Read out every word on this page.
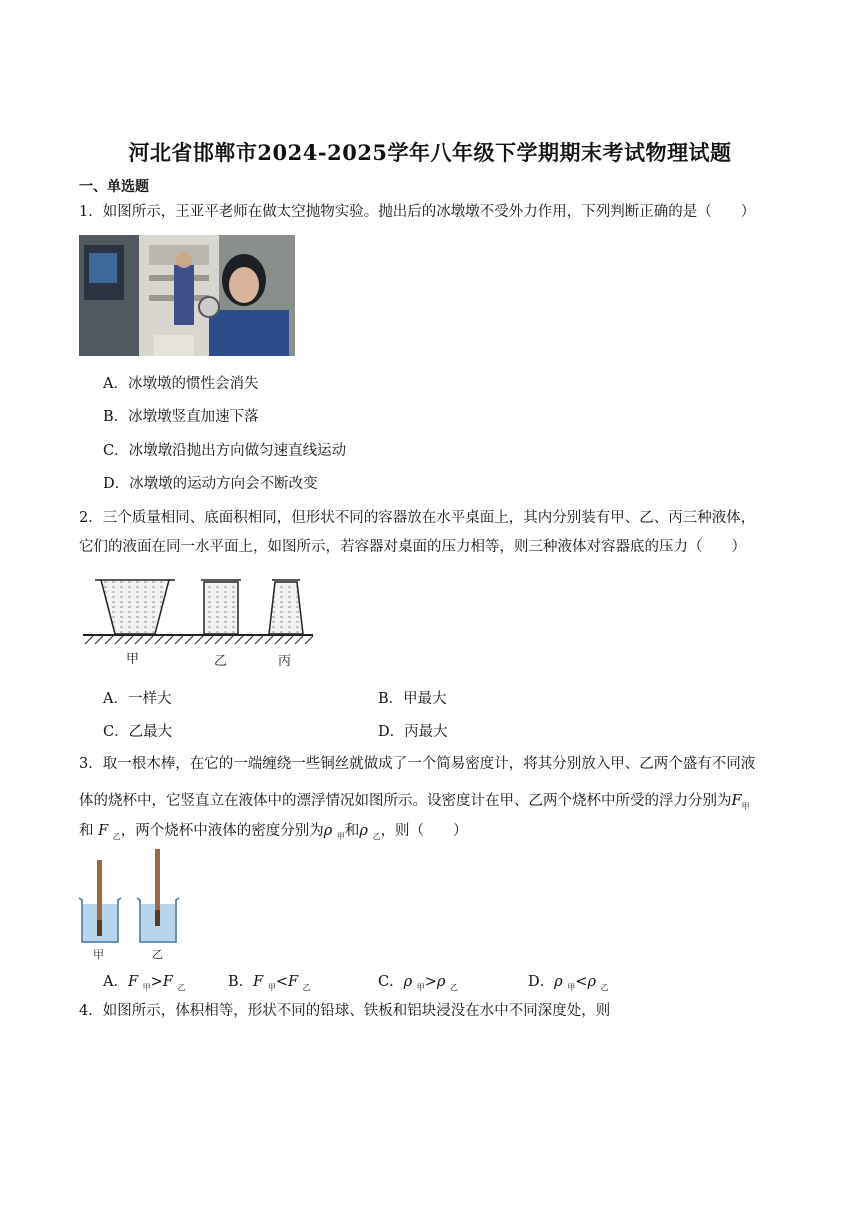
河北省邯郸市2024-2025学年八年级下学期期末考试物理试题
一、单选题
1．如图所示，王亚平老师在做太空抛物实验。抛出后的冰墩墩不受外力作用，下列判断正确的是（　　）
A．冰墩墩的惯性会消失
B．冰墩墩竖直加速下落
C．冰墩墩沿抛出方向做匀速直线运动
D．冰墩墩的运动方向会不断改变
2．三个质量相同、底面积相同，但形状不同的容器放在水平桌面上，其内分别装有甲、乙、丙三种液体，
它们的液面在同一水平面上，如图所示，若容器对桌面的压力相等，则三种液体对容器底的压力（　　）
甲	乙	丙
A．一样大	B．甲最大
C．乙最大	D．丙最大
3．取一根木棒，在它的一端缠绕一些铜丝就做成了一个简易密度计，将其分别放入甲、乙两个盛有不同液
体的烧杯中，它竖直立在液体中的漂浮情况如图所示。设密度计在甲、乙两个烧杯中所受的浮力分别为$F_甲$
和 F $_乙$，两个烧杯中液体的密度分别为ρ $_甲$和ρ $_乙$，则（　　）
甲	乙
A．F $_甲$>F $_乙$	B．F $_甲$<F $_乙$	C．ρ $_甲$>ρ $_乙$	D．ρ $_甲$<ρ $_乙$
4．如图所示，体积相等，形状不同的铅球、铁板和铝块浸没在水中不同深度处，则
